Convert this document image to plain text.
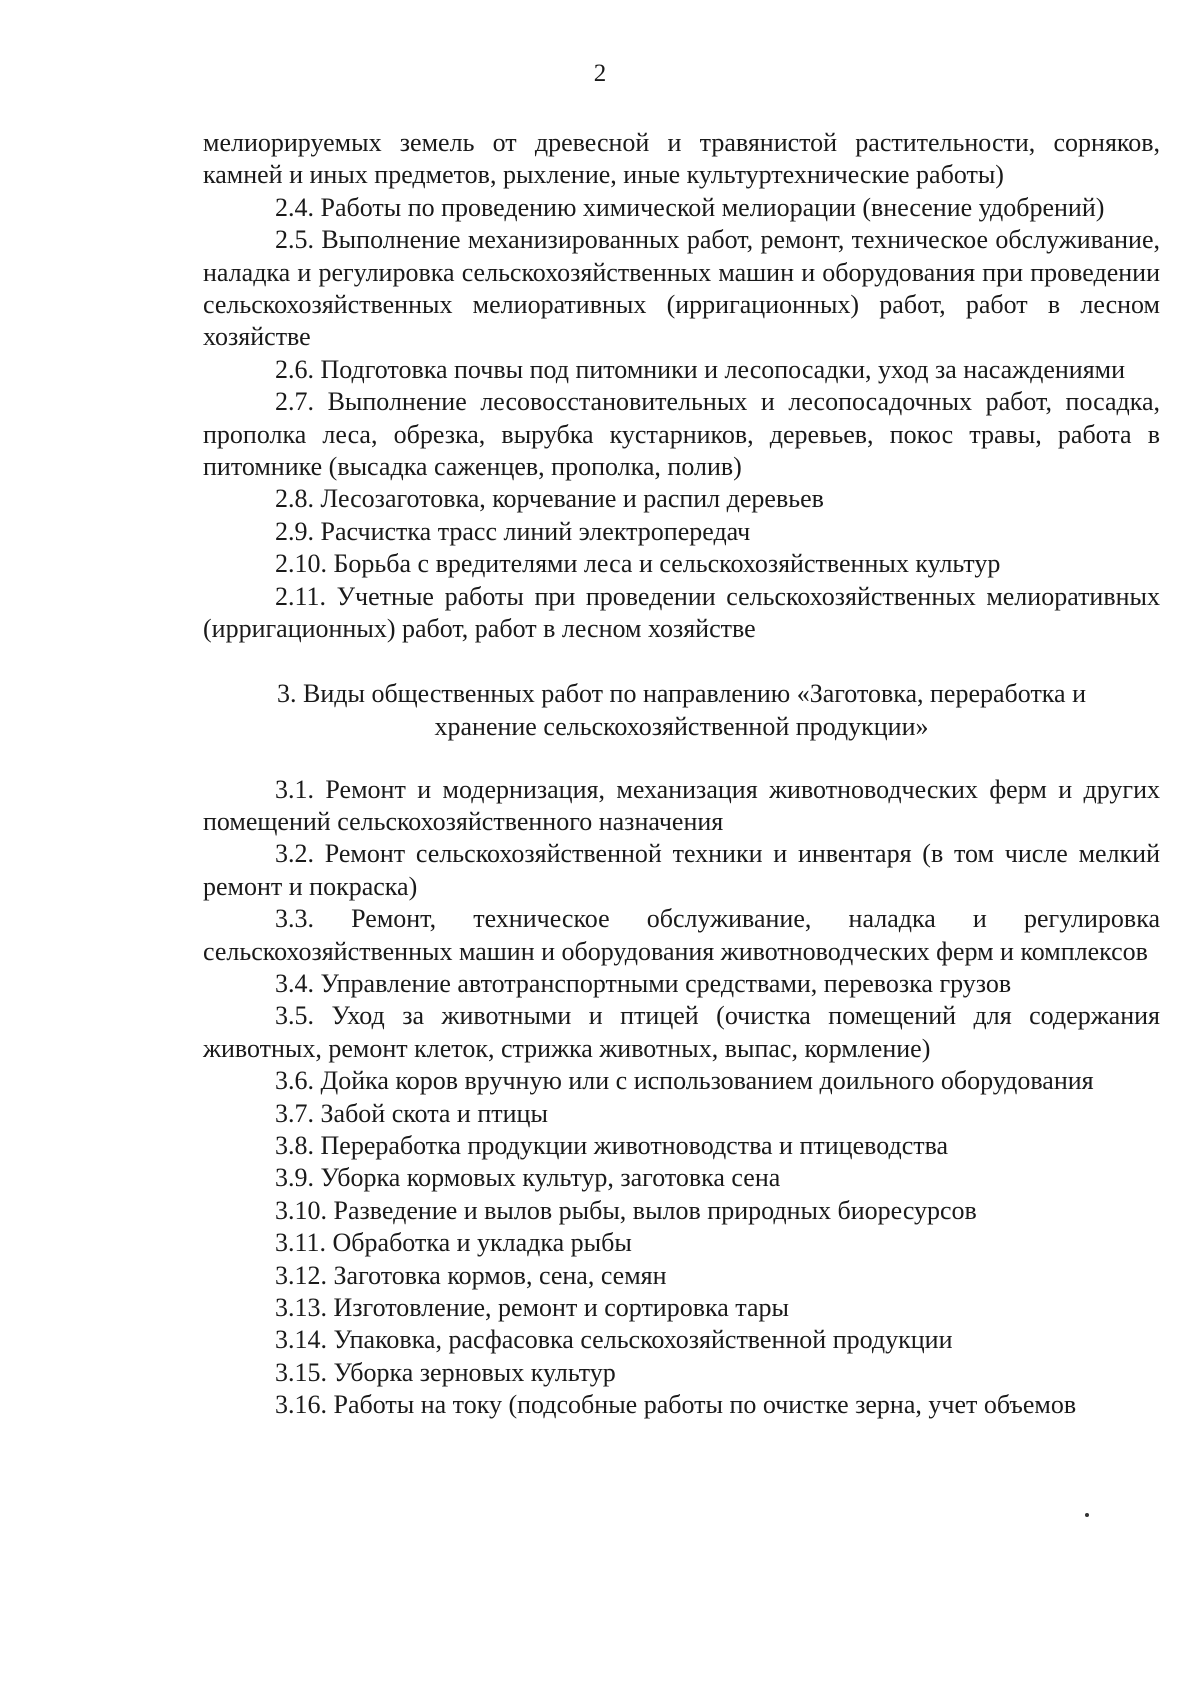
2

мелиорируемых земель от древесной и травянистой растительности, сорняков, камней и иных предметов, рыхление, иные культуртехнические работы)

2.4. Работы по проведению химической мелиорации (внесение удобрений)

2.5. Выполнение механизированных работ, ремонт, техническое обслуживание, наладка и регулировка сельскохозяйственных машин и оборудования при проведении сельскохозяйственных мелиоративных (ирригационных) работ, работ в лесном хозяйстве

2.6. Подготовка почвы под питомники и лесопосадки, уход за насаждениями

2.7. Выполнение лесовосстановительных и лесопосадочных работ, посадка, прополка леса, обрезка, вырубка кустарников, деревьев, покос травы, работа в питомнике (высадка саженцев, прополка, полив)

2.8. Лесозаготовка, корчевание и распил деревьев

2.9. Расчистка трасс линий электропередач

2.10. Борьба с вредителями леса и сельскохозяйственных культур

2.11. Учетные работы при проведении сельскохозяйственных мелиоративных (ирригационных) работ, работ в лесном хозяйстве

3. Виды общественных работ по направлению «Заготовка, переработка и

хранение сельскохозяйственной продукции»

3.1. Ремонт и модернизация, механизация животноводческих ферм и других помещений сельскохозяйственного назначения

3.2. Ремонт сельскохозяйственной техники и инвентаря (в том числе мелкий ремонт и покраска)

3.3. Ремонт, техническое обслуживание, наладка и регулировка сельскохозяйственных машин и оборудования животноводческих ферм и комплексов

3.4. Управление автотранспортными средствами, перевозка грузов

3.5. Уход за животными и птицей (очистка помещений для содержания животных, ремонт клеток, стрижка животных, выпас, кормление)

3.6. Дойка коров вручную или с использованием доильного оборудования

3.7. Забой скота и птицы

3.8. Переработка продукции животноводства и птицеводства

3.9. Уборка кормовых культур, заготовка сена

3.10. Разведение и вылов рыбы, вылов природных биоресурсов

3.11. Обработка и укладка рыбы

3.12. Заготовка кормов, сена, семян

3.13. Изготовление, ремонт и сортировка тары

3.14. Упаковка, расфасовка сельскохозяйственной продукции

3.15. Уборка зерновых культур

3.16. Работы на току (подсобные работы по очистке зерна, учет объемов
